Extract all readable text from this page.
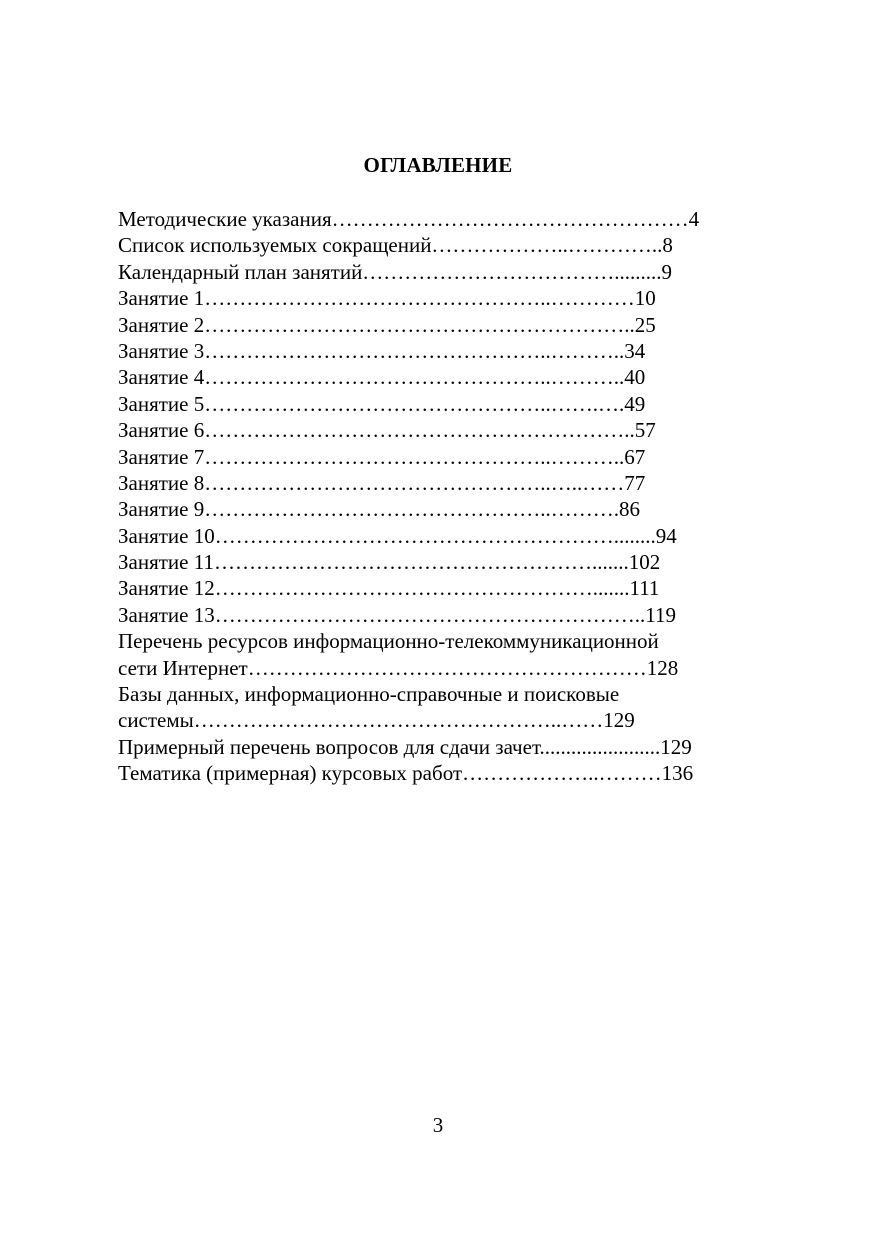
ОГЛАВЛЕНИЕ
Методические указания……………………………………………4
Список используемых сокращений………………..…………..8
Календарный план занятий……………………………….........9
Занятие 1…………………………………………..…………10
Занятие 2……………………………………………………..25
Занятие 3…………………………………………..………..34
Занятие 4…………………………………………..………..40
Занятие 5…………………………………………..…….….49
Занятие 6……………………………………………………..57
Занятие 7…………………………………………..………..67
Занятие 8…………………………………………..…..……77
Занятие 9…………………………………………..……….86
Занятие 10…………………………………………………........94
Занятие 11……………………………………………….......102
Занятие 12……………………………………………….......111
Занятие 13……………………………………………………..119
Перечень ресурсов информационно-телекоммуникационной
сети Интернет…………………………………………………128
Базы данных, информационно-справочные и поисковые
системы……………………………………………..……129
Примерный перечень вопросов для сдачи зачет.......................129
Тематика (примерная) курсовых работ………………..………136
3
